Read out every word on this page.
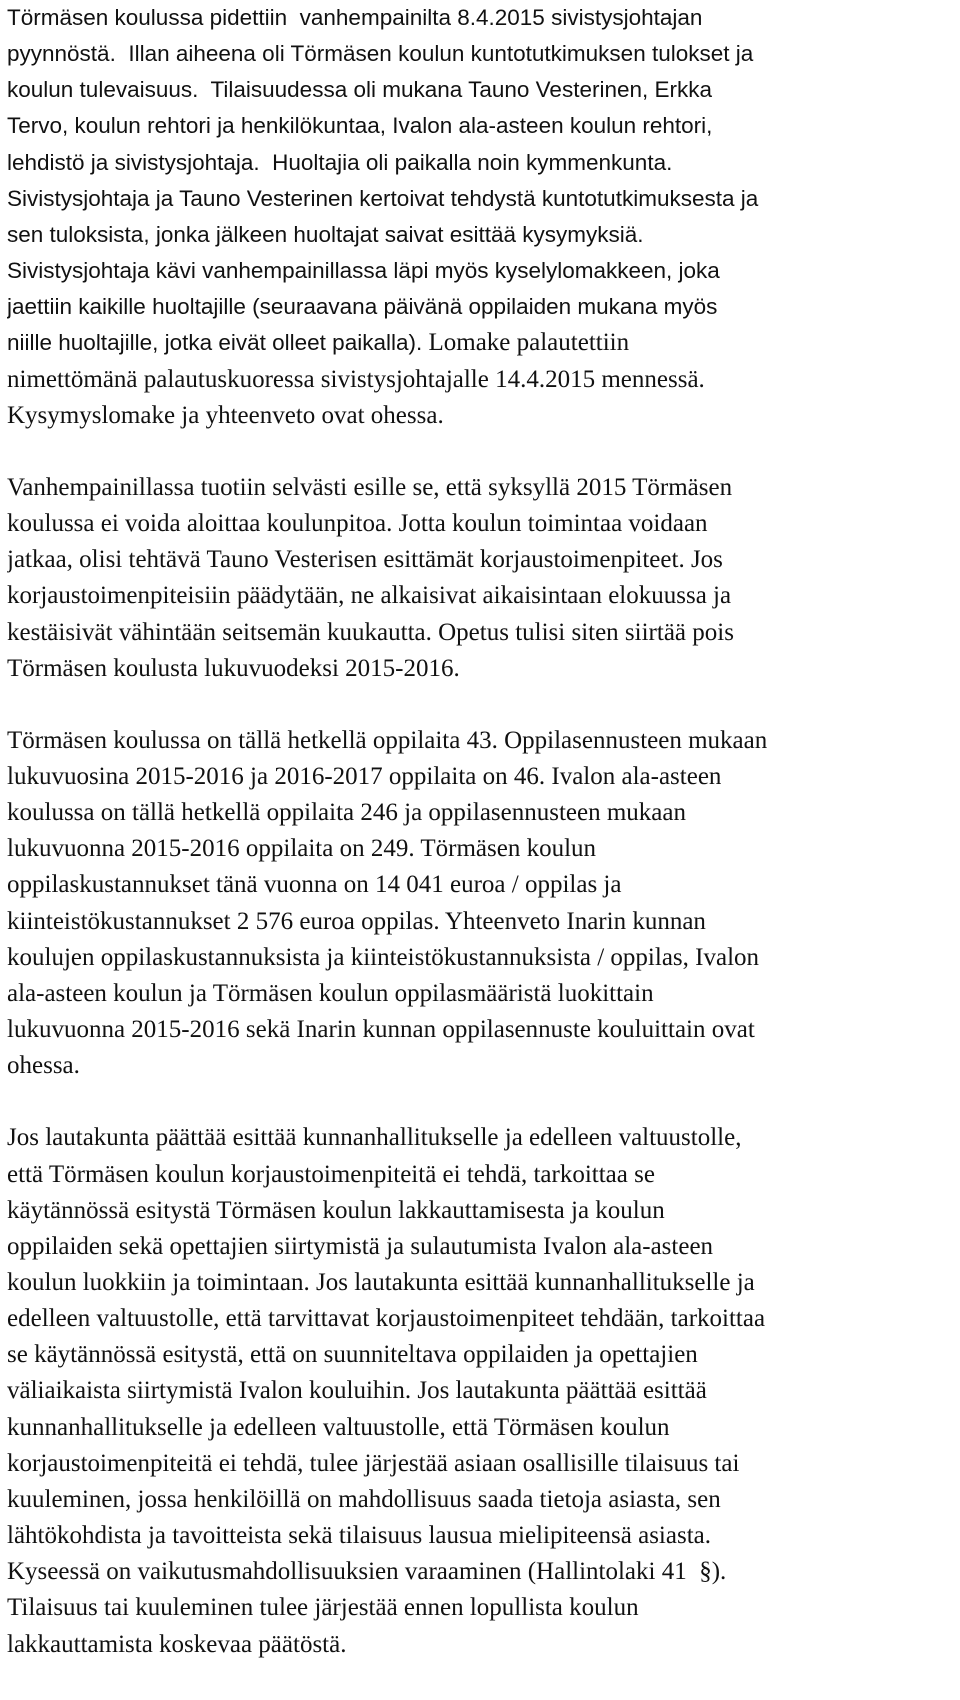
Törmäsen koulussa pidettiin  vanhempainilta 8.4.2015 sivistysjohtajan
pyynnöstä.  Illan aiheena oli Törmäsen koulun kuntotutkimuksen tulokset ja
koulun tulevaisuus.  Tilaisuudessa oli mukana Tauno Vesterinen, Erkka
Tervo, koulun rehtori ja henkilökuntaa, Ivalon ala-asteen koulun rehtori,
lehdistö ja sivistysjohtaja.  Huoltajia oli paikalla noin kymmenkunta.
Sivistysjohtaja ja Tauno Vesterinen kertoivat tehdystä kuntotutkimuksesta ja
sen tuloksista, jonka jälkeen huoltajat saivat esittää kysymyksiä.
Sivistysjohtaja kävi vanhempainillassa läpi myös kyselylomakkeen, joka
jaettiin kaikille huoltajille (seuraavana päivänä oppilaiden mukana myös
niille huoltajille, jotka eivät olleet paikalla). Lomake palautettiin
nimettömänä palautuskuoressa sivistysjohtajalle 14.4.2015 mennessä.
Kysymyslomake ja yhteenveto ovat ohessa.
Vanhempainillassa tuotiin selvästi esille se, että syksyllä 2015 Törmäsen
koulussa ei voida aloittaa koulunpitoa. Jotta koulun toimintaa voidaan
jatkaa, olisi tehtävä Tauno Vesterisen esittämät korjaustoimenpiteet. Jos
korjaustoimenpiteisiin päädytään, ne alkaisivat aikaisintaan elokuussa ja
kestäisivät vähintään seitsemän kuukautta. Opetus tulisi siten siirtää pois
Törmäsen koulusta lukuvuodeksi 2015-2016.
Törmäsen koulussa on tällä hetkellä oppilaita 43. Oppilasennusteen mukaan
lukuvuosina 2015-2016 ja 2016-2017 oppilaita on 46. Ivalon ala-asteen
koulussa on tällä hetkellä oppilaita 246 ja oppilasennusteen mukaan
lukuvuonna 2015-2016 oppilaita on 249. Törmäsen koulun
oppilaskustannukset tänä vuonna on 14 041 euroa / oppilas ja
kiinteistökustannukset 2 576 euroa oppilas. Yhteenveto Inarin kunnan
koulujen oppilaskustannuksista ja kiinteistökustannuksista / oppilas, Ivalon
ala-asteen koulun ja Törmäsen koulun oppilasmääristä luokittain
lukuvuonna 2015-2016 sekä Inarin kunnan oppilasennuste kouluittain ovat
ohessa.
Jos lautakunta päättää esittää kunnanhallitukselle ja edelleen valtuustolle,
että Törmäsen koulun korjaustoimenpiteitä ei tehdä, tarkoittaa se
käytännössä esitystä Törmäsen koulun lakkauttamisesta ja koulun
oppilaiden sekä opettajien siirtymistä ja sulautumista Ivalon ala-asteen
koulun luokkiin ja toimintaan. Jos lautakunta esittää kunnanhallitukselle ja
edelleen valtuustolle, että tarvittavat korjaustoimenpiteet tehdään, tarkoittaa
se käytännössä esitystä, että on suunniteltava oppilaiden ja opettajien
väliaikaista siirtymistä Ivalon kouluihin. Jos lautakunta päättää esittää
kunnanhallitukselle ja edelleen valtuustolle, että Törmäsen koulun
korjaustoimenpiteitä ei tehdä, tulee järjestää asiaan osallisille tilaisuus tai
kuuleminen, jossa henkilöillä on mahdollisuus saada tietoja asiasta, sen
lähtökohdista ja tavoitteista sekä tilaisuus lausua mielipiteensä asiasta.
Kyseessä on vaikutusmahdollisuuksien varaaminen (Hallintolaki 41  §).
Tilaisuus tai kuuleminen tulee järjestää ennen lopullista koulun
lakkauttamista koskevaa päätöstä.
